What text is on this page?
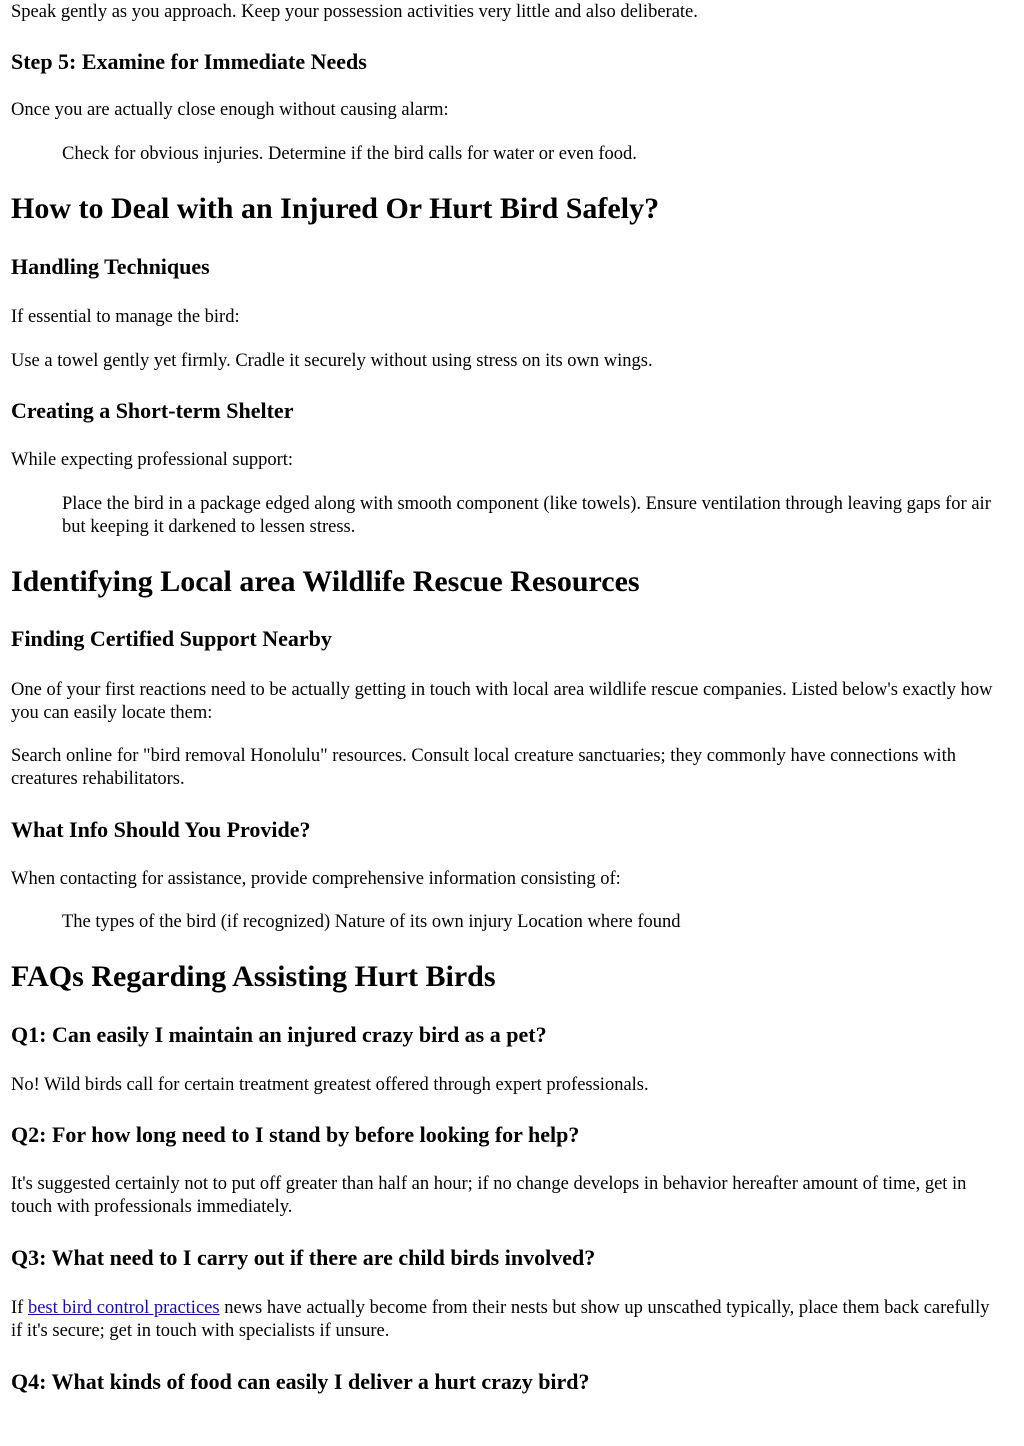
Speak gently as you approach. Keep your possession activities very little and also deliberate.

Step 5: Examine for Immediate Needs

Once you are actually close enough without causing alarm:

Check for obvious injuries. Determine if the bird calls for water or even food.
How to Deal with an Injured Or Hurt Bird Safely?
Handling Techniques

If essential to manage the bird:

Use a towel gently yet firmly. Cradle it securely without using stress on its own wings.

Creating a Short-term Shelter

While expecting professional support:

Place the bird in a package edged along with smooth component (like towels). Ensure ventilation through leaving gaps for air but keeping it darkened to lessen stress.
Identifying Local area Wildlife Rescue Resources
Finding Certified Support Nearby

One of your first reactions need to be actually getting in touch with local area wildlife rescue companies. Listed below's exactly how you can easily locate them:

Search online for "bird removal Honolulu" resources. Consult local creature sanctuaries; they commonly have connections with creatures rehabilitators.

What Info Should You Provide?

When contacting for assistance, provide comprehensive information consisting of:

The types of the bird (if recognized) Nature of its own injury Location where found
FAQs Regarding Assisting Hurt Birds
Q1: Can easily I maintain an injured crazy bird as a pet?

No! Wild birds call for certain treatment greatest offered through expert professionals.

Q2: For how long need to I stand by before looking for help?

It's suggested certainly not to put off greater than half an hour; if no change develops in behavior hereafter amount of time, get in touch with professionals immediately.

Q3: What need to I carry out if there are child birds involved?

If best bird control practices news have actually become from their nests but show up unscathed typically, place them back carefully if it's secure; get in touch with specialists if unsure.

Q4: What kinds of food can easily I deliver a hurt crazy bird?
